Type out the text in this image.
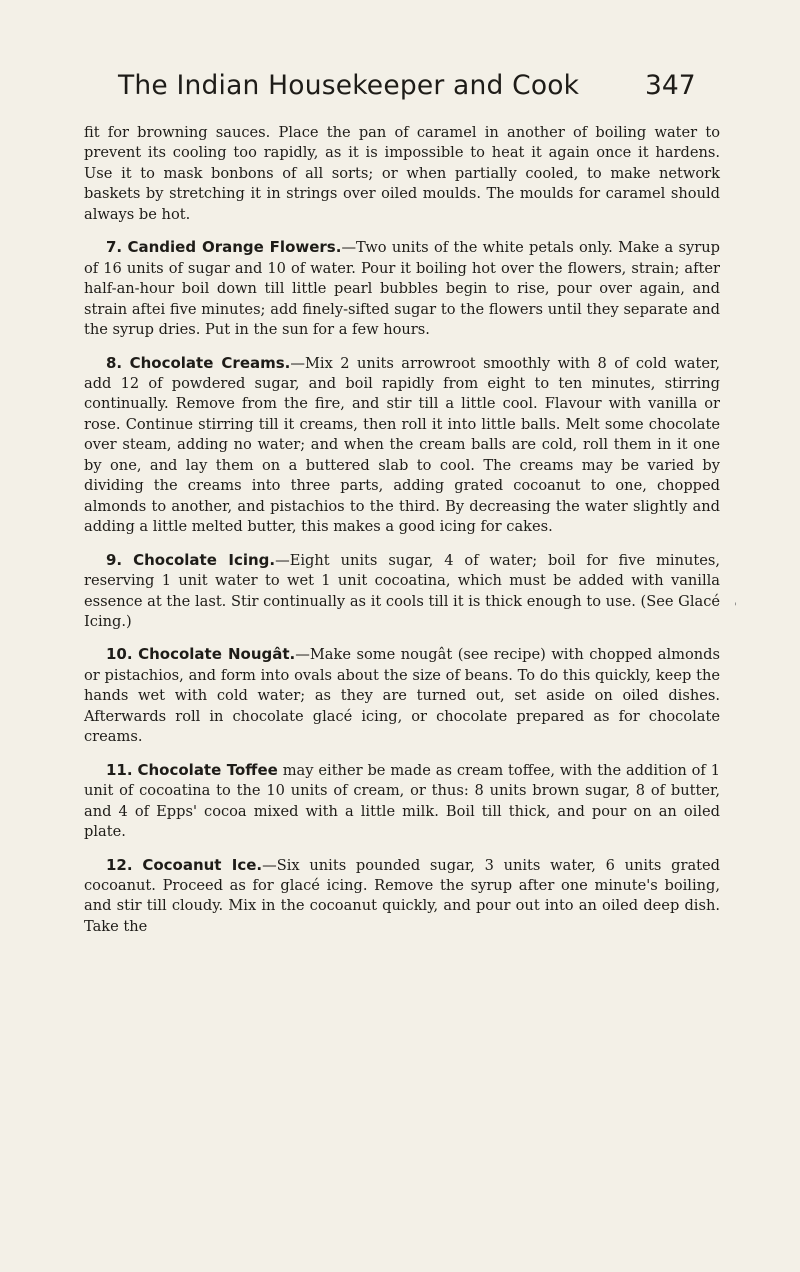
The Indian Housekeeper and Cook 347

fit for browning sauces. Place the pan of caramel in another of boiling water to prevent its cooling too rapidly, as it is impossible to heat it again once it hardens. Use it to mask bonbons of all sorts; or when partially cooled, to make network baskets by stretching it in strings over oiled moulds. The moulds for caramel should always be hot.

7. Candied Orange Flowers.—Two units of the white petals only. Make a syrup of 16 units of sugar and 10 of water. Pour it boiling hot over the flowers, strain; after half-an-hour boil down till little pearl bubbles begin to rise, pour over again, and strain aftei five minutes; add finely-sifted sugar to the flowers until they separate and the syrup dries. Put in the sun for a few hours.

8. Chocolate Creams.—Mix 2 units arrowroot smoothly with 8 of cold water, add 12 of powdered sugar, and boil rapidly from eight to ten minutes, stirring continually. Remove from the fire, and stir till a little cool. Flavour with vanilla or rose. Continue stirring till it creams, then roll it into little balls. Melt some chocolate over steam, adding no water; and when the cream balls are cold, roll them in it one by one, and lay them on a buttered slab to cool. The creams may be varied by dividing the creams into three parts, adding grated cocoanut to one, chopped almonds to another, and pistachios to the third. By decreasing the water slightly and adding a little melted butter, this makes a good icing for cakes.

9. Chocolate Icing.—Eight units sugar, 4 of water; boil for five minutes, reserving 1 unit water to wet 1 unit cocoatina, which must be added with vanilla essence at the last. Stir continually as it cools till it is thick enough to use. (See Glacé Icing.)

10. Chocolate Nougât.—Make some nougât (see recipe) with chopped almonds or pistachios, and form into ovals about the size of beans. To do this quickly, keep the hands wet with cold water; as they are turned out, set aside on oiled dishes. Afterwards roll in chocolate glacé icing, or chocolate prepared as for chocolate creams.

11. Chocolate Toffee may either be made as cream toffee, with the addition of 1 unit of cocoatina to the 10 units of cream, or thus: 8 units brown sugar, 8 of butter, and 4 of Epps' cocoa mixed with a little milk. Boil till thick, and pour on an oiled plate.

12. Cocoanut Ice.—Six units pounded sugar, 3 units water, 6 units grated cocoanut. Proceed as for glacé icing. Remove the syrup after one minute's boiling, and stir till cloudy. Mix in the cocoanut quickly, and pour out into an oiled deep dish. Take the

'
